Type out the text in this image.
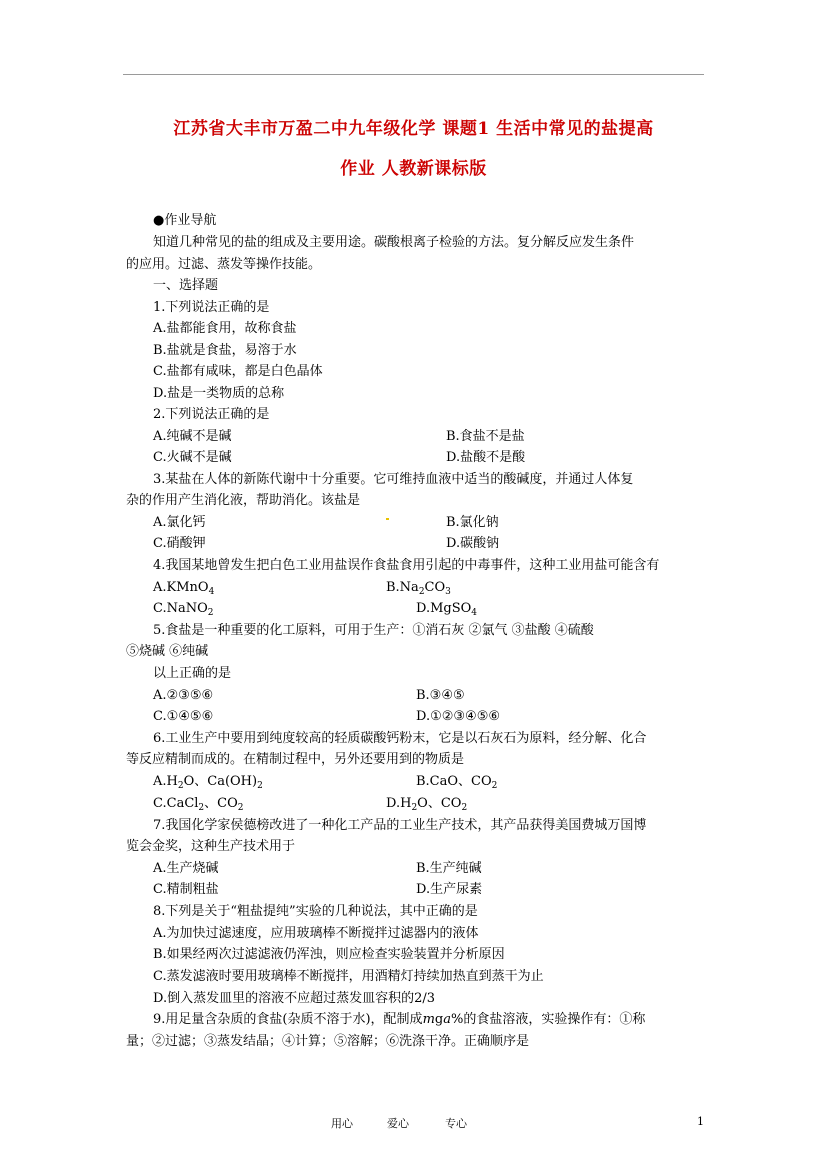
江苏省大丰市万盈二中九年级化学 课题1 生活中常见的盐提高
作业 人教新课标版
●作业导航
知道几种常见的盐的组成及主要用途。碳酸根离子检验的方法。复分解反应发生条件
的应用。过滤、蒸发等操作技能。
一、选择题
1.下列说法正确的是
A.盐都能食用，故称食盐
B.盐就是食盐，易溶于水
C.盐都有咸味，都是白色晶体
D.盐是一类物质的总称
2.下列说法正确的是
A.纯碱不是碱	B.食盐不是盐
C.火碱不是碱	D.盐酸不是酸
3.某盐在人体的新陈代谢中十分重要。它可维持血液中适当的酸碱度，并通过人体复
杂的作用产生消化液，帮助消化。该盐是
A.氯化钙	B.氯化钠
C.硝酸钾	D.碳酸钠
4.我国某地曾发生把白色工业用盐误作食盐食用引起的中毒事件，这种工业用盐可能含有
A.KMnO$_4$	$B.Na_2CO_3$
C.NaNO$_2$	D.MgSO$_4$
5.食盐是一种重要的化工原料，可用于生产：①消石灰 ②氯气 ③盐酸 ④硫酸
⑤烧碱 ⑥纯碱
以上正确的是
A.②③⑤⑥	B.③④⑤
C.①④⑤⑥	D.①②③④⑤⑥
6.工业生产中要用到纯度较高的轻质碳酸钙粉末，它是以石灰石为原料，经分解、化合
等反应精制而成的。在精制过程中，另外还要用到的物质是
$A.H_2O$、$Ca(OH)_2$	B.CaO、$CO_2$
C.CaCl$_2$、$CO_2$	$D.H_2O$、$CO_2$
7.我国化学家侯德榜改进了一种化工产品的工业生产技术，其产品获得美国费城万国博
览会金奖，这种生产技术用于
A.生产烧碱	B.生产纯碱
C.精制粗盐	D.生产尿素
8.下列是关于“粗盐提纯”实验的几种说法，其中正确的是
A.为加快过滤速度，应用玻璃棒不断搅拌过滤器内的液体
B.如果经两次过滤滤液仍浑浊，则应检查实验装置并分析原因
C.蒸发滤液时要用玻璃棒不断搅拌，用酒精灯持续加热直到蒸干为止
D.倒入蒸发皿里的溶液不应超过蒸发皿容积的2/3
9.用足量含杂质的食盐(杂质不溶于水)，配制成mga%的食盐溶液，实验操作有：①称
量；②过滤；③蒸发结晶；④计算；⑤溶解；⑥洗涤干净。正确顺序是
用心	爱心	专心	1
